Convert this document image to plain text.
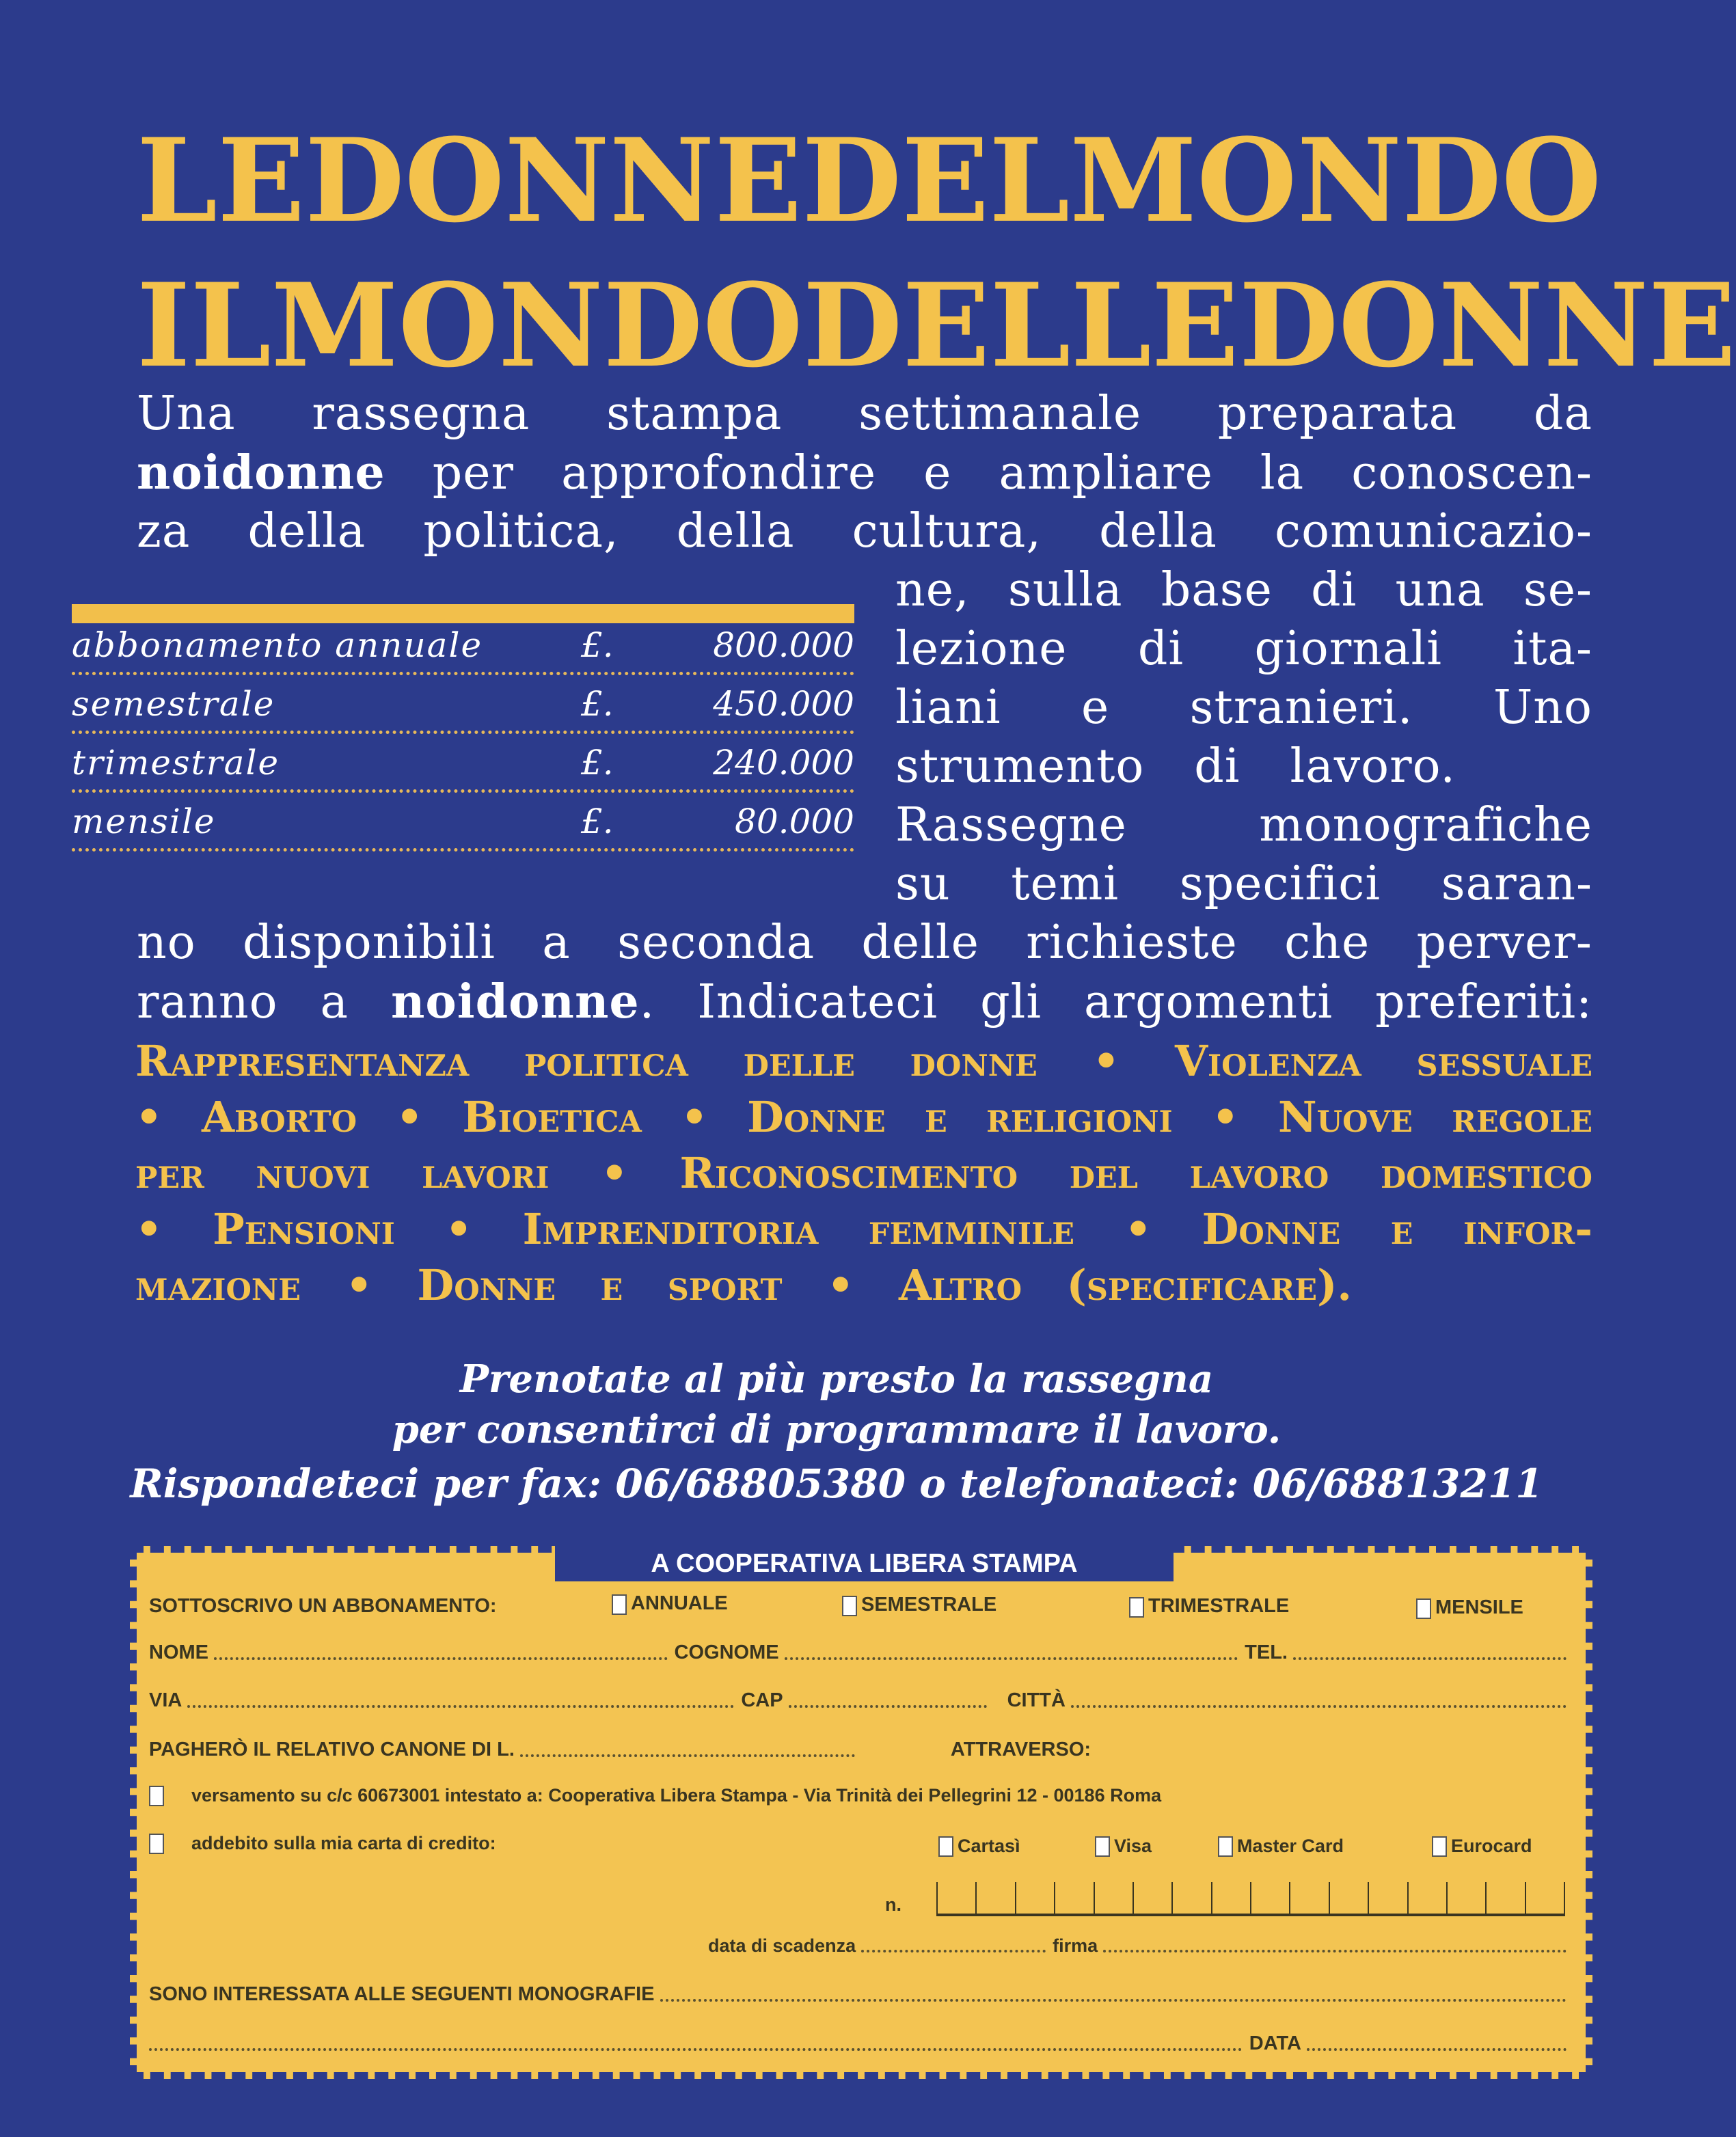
LE DONNE DEL MONDO
IL MONDO DELLE DONNE
Una rassegna stampa settimanale preparata da
noidonne per approfondire e ampliare la conoscen-
za della politica, della cultura, della comunicazio-
ne, sulla base di una se-
lezione di giornali ita-
liani e stranieri. Uno
strumento di lavoro.
Rassegne	monografiche
su temi specifici saran-
no disponibili a seconda delle richieste che perver-
ranno a noidonne. Indicateci gli argomenti preferiti:
abbonamento annuale	£.	800.000
semestrale	£.	450.000
trimestrale	£.	240.000
mensile	£.	80.000
Rappresentanza politica delle donne • Violenza sessuale
• Aborto • Bioetica • Donne e religioni • Nuove regole
per nuovi lavori • Riconoscimento del lavoro domestico
• Pensioni • Imprenditoria femminile • Donne e infor-
mazione • Donne e sport • Altro (specificare).
Prenotate al più presto la rassegna
per consentirci di programmare il lavoro.
Rispondeteci per fax: 06/68805380 o telefonateci: 06/68813211
A COOPERATIVA LIBERA STAMPA
SOTTOSCRIVO UN ABBONAMENTO:	ANNUALE	SEMESTRALE	TRIMESTRALE	MENSILE
NOME	COGNOME	TEL.
VIA	CAP	CITTÀ
PAGHERÒ IL RELATIVO CANONE DI L.	ATTRAVERSO:
versamento su c/c 60673001 intestato a: Cooperativa Libera Stampa - Via Trinità dei Pellegrini 12 - 00186 Roma
addebito sulla mia carta di credito:	Cartasì	Visa	Master Card	Eurocard
n.
data di scadenza	firma
SONO INTERESSATA ALLE SEGUENTI MONOGRAFIE
DATA
